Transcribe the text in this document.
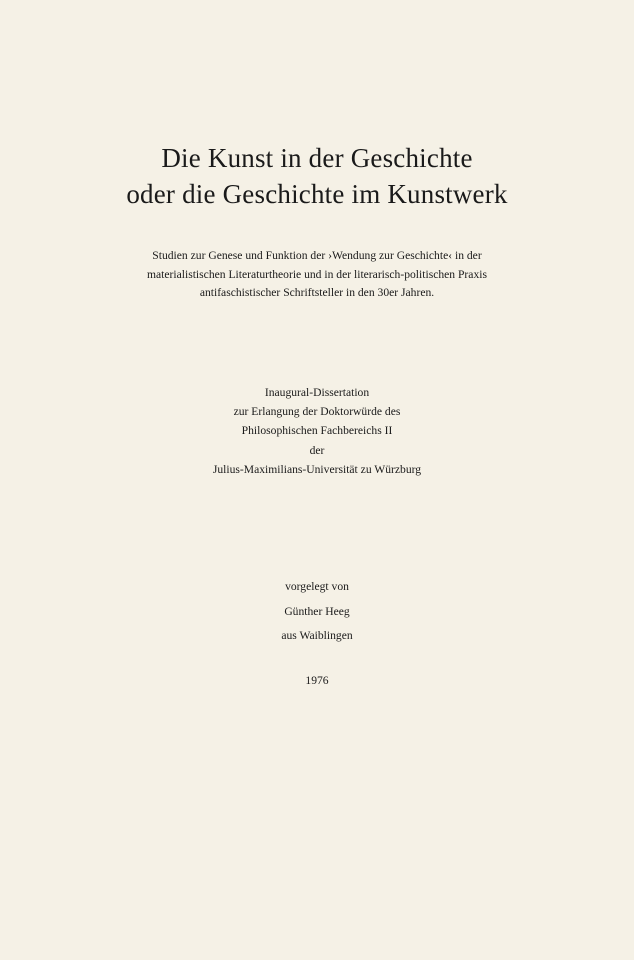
Die Kunst in der Geschichte
oder die Geschichte im Kunstwerk
Studien zur Genese und Funktion der ›Wendung zur Geschichte‹ in der
materialistischen Literaturtheorie und in der literarisch-politischen Praxis
antifaschistischer Schriftsteller in den 30er Jahren.
Inaugural-Dissertation
zur Erlangung der Doktorwürde des
Philosophischen Fachbereichs II
der
Julius-Maximilians-Universität zu Würzburg
vorgelegt von
Günther Heeg
aus Waiblingen
1976
